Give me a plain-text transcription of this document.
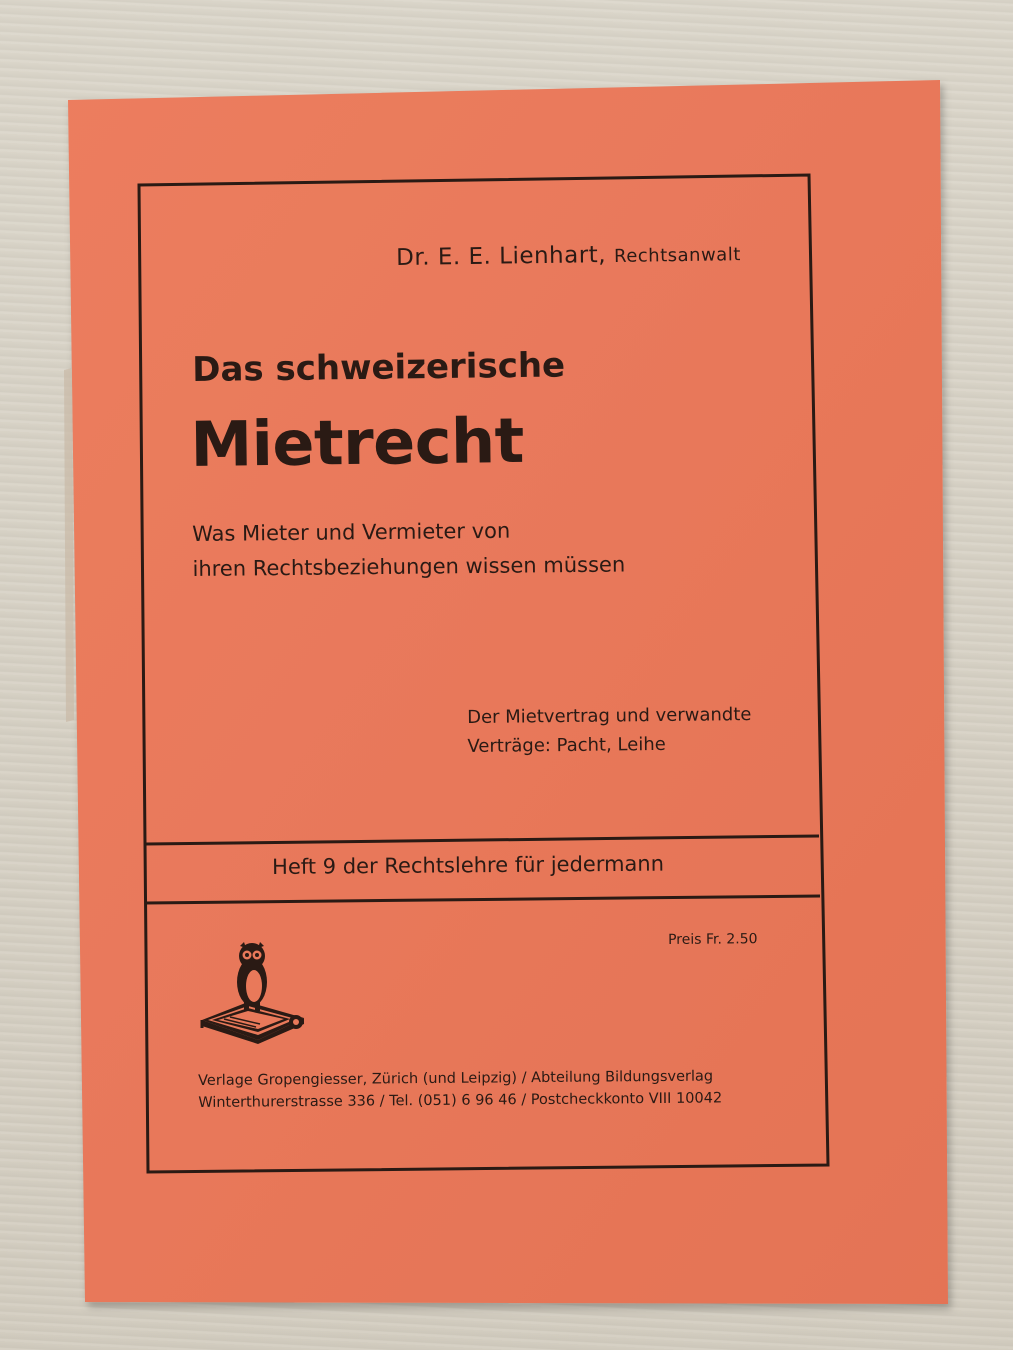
Dr. E. E. Lienhart, Rechtsanwalt
Das schweizerische
Mietrecht
Was Mieter und Vermieter von
ihren Rechtsbeziehungen wissen müssen
Der Mietvertrag und verwandte
Verträge: Pacht, Leihe
Heft 9 der Rechtslehre für jedermann
Preis Fr. 2.50
Verlage Gropengiesser, Zürich (und Leipzig) / Abteilung Bildungsverlag
Winterthurerstrasse 336 / Tel. (051) 6 96 46 / Postcheckkonto VIII 10042
